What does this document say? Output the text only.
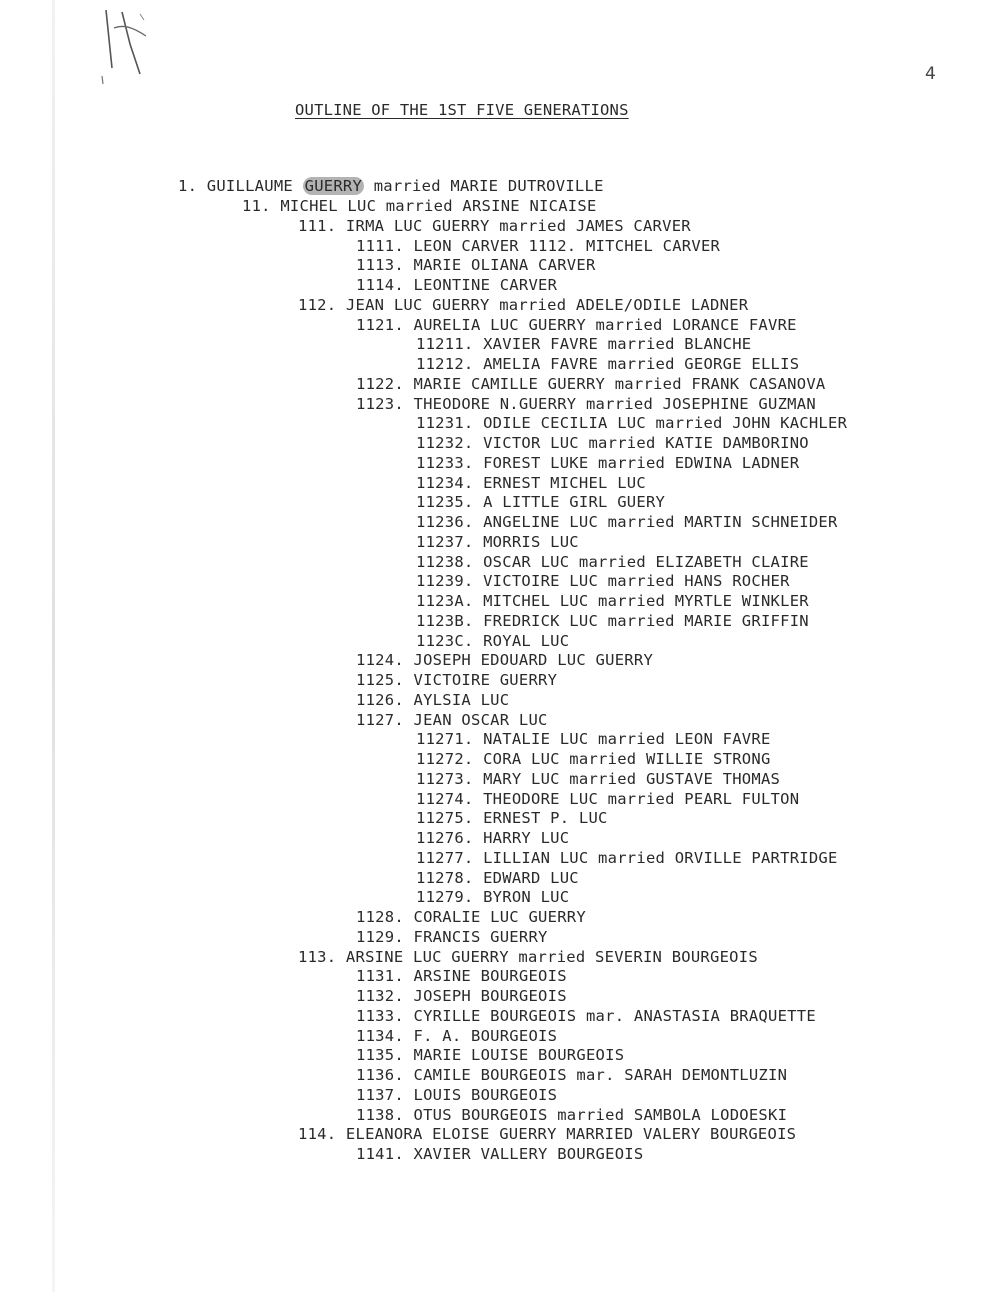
4
OUTLINE OF THE 1ST FIVE GENERATIONS
1. GUILLAUME GUERRY married MARIE DUTROVILLE
11. MICHEL LUC married ARSINE NICAISE
111. IRMA LUC GUERRY married JAMES CARVER
1111. LEON CARVER 1112. MITCHEL CARVER
1113. MARIE OLIANA CARVER
1114. LEONTINE CARVER
112. JEAN LUC GUERRY married ADELE/ODILE LADNER
1121. AURELIA LUC GUERRY married LORANCE FAVRE
11211. XAVIER FAVRE married BLANCHE
11212. AMELIA FAVRE married GEORGE ELLIS
1122. MARIE CAMILLE GUERRY married FRANK CASANOVA
1123. THEODORE N.GUERRY married JOSEPHINE GUZMAN
11231. ODILE CECILIA LUC married JOHN KACHLER
11232. VICTOR LUC married KATIE DAMBORINO
11233. FOREST LUKE married EDWINA LADNER
11234. ERNEST MICHEL LUC
11235. A LITTLE GIRL GUERY
11236. ANGELINE LUC married MARTIN SCHNEIDER
11237. MORRIS LUC
11238. OSCAR LUC married ELIZABETH CLAIRE
11239. VICTOIRE LUC married HANS ROCHER
1123A. MITCHEL LUC married MYRTLE WINKLER
1123B. FREDRICK LUC married MARIE GRIFFIN
1123C. ROYAL LUC
1124. JOSEPH EDOUARD LUC GUERRY
1125. VICTOIRE GUERRY
1126. AYLSIA LUC
1127. JEAN OSCAR LUC
11271. NATALIE LUC married LEON FAVRE
11272. CORA LUC married WILLIE STRONG
11273. MARY LUC married GUSTAVE THOMAS
11274. THEODORE LUC married PEARL FULTON
11275. ERNEST P. LUC
11276. HARRY LUC
11277. LILLIAN LUC married ORVILLE PARTRIDGE
11278. EDWARD LUC
11279. BYRON LUC
1128. CORALIE LUC GUERRY
1129. FRANCIS GUERRY
113. ARSINE LUC GUERRY married SEVERIN BOURGEOIS
1131. ARSINE BOURGEOIS
1132. JOSEPH BOURGEOIS
1133. CYRILLE BOURGEOIS mar. ANASTASIA BRAQUETTE
1134. F. A. BOURGEOIS
1135. MARIE LOUISE BOURGEOIS
1136. CAMILE BOURGEOIS mar. SARAH DEMONTLUZIN
1137. LOUIS BOURGEOIS
1138. OTUS BOURGEOIS married SAMBOLA LODOESKI
114. ELEANORA ELOISE GUERRY MARRIED VALERY BOURGEOIS
1141. XAVIER VALLERY BOURGEOIS
